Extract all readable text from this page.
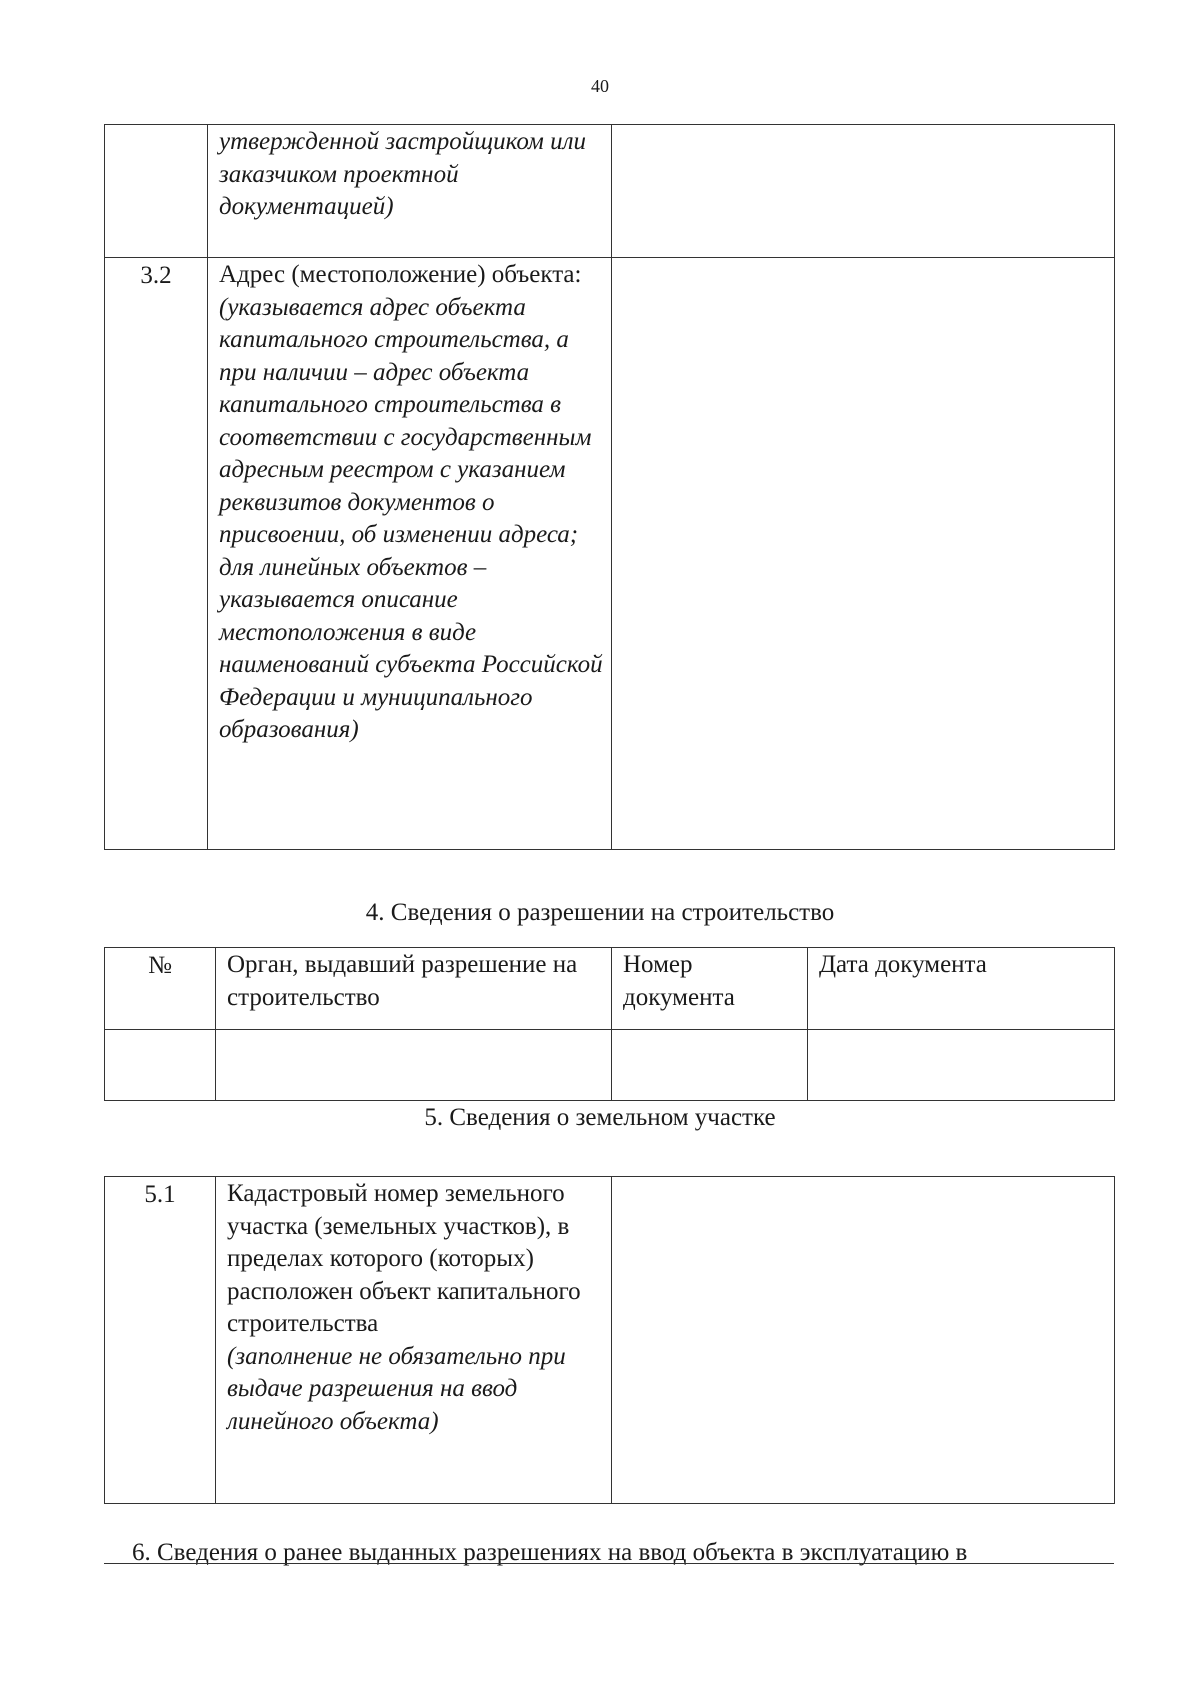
40
	утвержденной застройщиком или заказчиком проектной документацией)	
3.2	Адрес (местоположение) объекта:
(указывается адрес объекта капитального строительства, а при наличии – адрес объекта капитального строительства в соответствии с государственным адресным реестром с указанием реквизитов документов о присвоении, об изменении адреса; для линейных объектов – указывается описание местоположения в виде наименований субъекта Российской Федерации и муниципального образования)	
4. Сведения о разрешении на строительство
№	Орган, выдавший разрешение на строительство	Номер документа	Дата документа

5. Сведения о земельном участке
5.1	Кадастровый номер земельного участка (земельных участков), в пределах которого (которых) расположен объект капитального строительства
(заполнение не обязательно при выдаче разрешения на ввод линейного объекта)	
6. Сведения о ранее выданных разрешениях на ввод объекта в эксплуатацию в
